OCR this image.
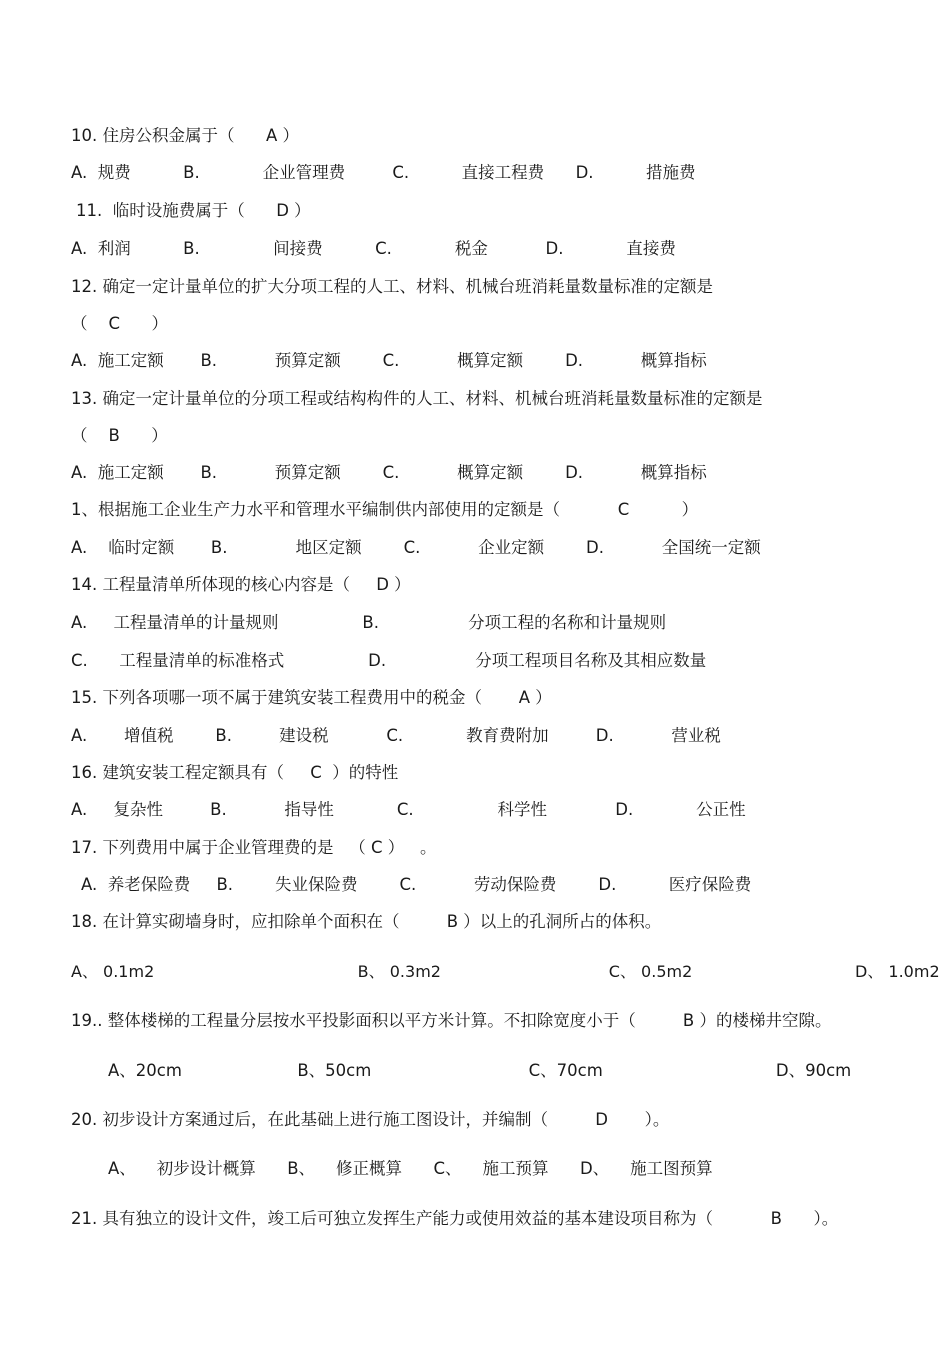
10. 住房公积金属于（      A ）
A.  规费          B.            企业管理费         C.          直接工程费      D.          措施费
11.  临时设施费属于（      D ）
A.  利润          B.              间接费          C.            税金           D.            直接费
12. 确定一定计量单位的扩大分项工程的人工、材料、机械台班消耗量数量标准的定额是
（    C      ）
A.  施工定额       B.           预算定额        C.           概算定额        D.           概算指标
13. 确定一定计量单位的分项工程或结构构件的人工、材料、机械台班消耗量数量标准的定额是
（    B      ）
A.  施工定额       B.           预算定额        C.           概算定额        D.           概算指标
1、根据施工企业生产力水平和管理水平编制供内部使用的定额是（           C          ）
A.    临时定额       B.             地区定额        C.           企业定额        D.           全国统一定额
14. 工程量清单所体现的核心内容是（     D ）
A.     工程量清单的计量规则                B.                 分项工程的名称和计量规则
C.      工程量清单的标准格式                D.                 分项工程项目名称及其相应数量
15. 下列各项哪一项不属于建筑安装工程费用中的税金（       A ）
A.       增值税        B.         建设税           C.            教育费附加         D.           营业税
16. 建筑安装工程定额具有（     C  ）的特性
A.     复杂性         B.           指导性            C.                科学性             D.            公正性
17. 下列费用中属于企业管理费的是   （ C ）   。
A.  养老保险费     B.        失业保险费        C.           劳动保险费        D.          医疗保险费
18. 在计算实砌墙身时，应扣除单个面积在（         B ）以上的孔洞所占的体积。
A、 0.1m2                                        B、 0.3m2                                 C、 0.5m2                                D、 1.0m2
19.. 整体楼梯的工程量分层按水平投影面积以平方米计算。不扣除宽度小于（         B ）的楼梯井空隙。
A、20cm                      B、50cm                              C、70cm                                 D、90cm
20. 初步设计方案通过后，在此基础上进行施工图设计，并编制（         D       ）。
A、    初步设计概算      B、    修正概算      C、    施工预算      D、    施工图预算
21. 具有独立的设计文件，竣工后可独立发挥生产能力或使用效益的基本建设项目称为（           B      ）。
